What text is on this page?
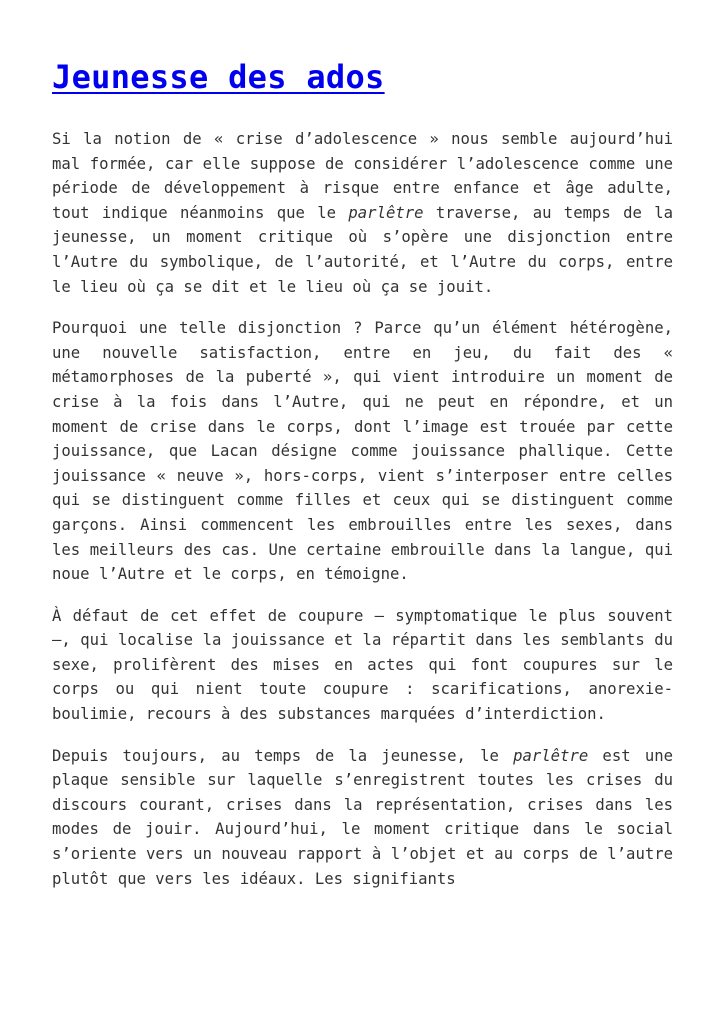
Jeunesse des ados

Si la notion de « crise d’adolescence » nous semble aujourd’hui mal formée, car elle suppose de considérer l’adolescence comme une période de développement à risque entre enfance et âge adulte, tout indique néanmoins que le parlêtre traverse, au temps de la jeunesse, un moment critique où s’opère une disjonction entre l’Autre du symbolique, de l’autorité, et l’Autre du corps, entre le lieu où ça se dit et le lieu où ça se jouit.

Pourquoi une telle disjonction ? Parce qu’un élément hétérogène, une nouvelle satisfaction, entre en jeu, du fait des « métamorphoses de la puberté », qui vient introduire un moment de crise à la fois dans l’Autre, qui ne peut en répondre, et un moment de crise dans le corps, dont l’image est trouée par cette jouissance, que Lacan désigne comme jouissance phallique. Cette jouissance « neuve », hors-corps, vient s’interposer entre celles qui se distinguent comme filles et ceux qui se distinguent comme garçons. Ainsi commencent les embrouilles entre les sexes, dans les meilleurs des cas. Une certaine embrouille dans la langue, qui noue l’Autre et le corps, en témoigne.

À défaut de cet effet de coupure – symptomatique le plus souvent –, qui localise la jouissance et la répartit dans les semblants du sexe, prolifèrent des mises en actes qui font coupures sur le corps ou qui nient toute coupure : scarifications, anorexie-boulimie, recours à des substances marquées d’interdiction.

Depuis toujours, au temps de la jeunesse, le parlêtre est une plaque sensible sur laquelle s’enregistrent toutes les crises du discours courant, crises dans la représentation, crises dans les modes de jouir. Aujourd’hui, le moment critique dans le social s’oriente vers un nouveau rapport à l’objet et au corps de l’autre plutôt que vers les idéaux. Les signifiants
